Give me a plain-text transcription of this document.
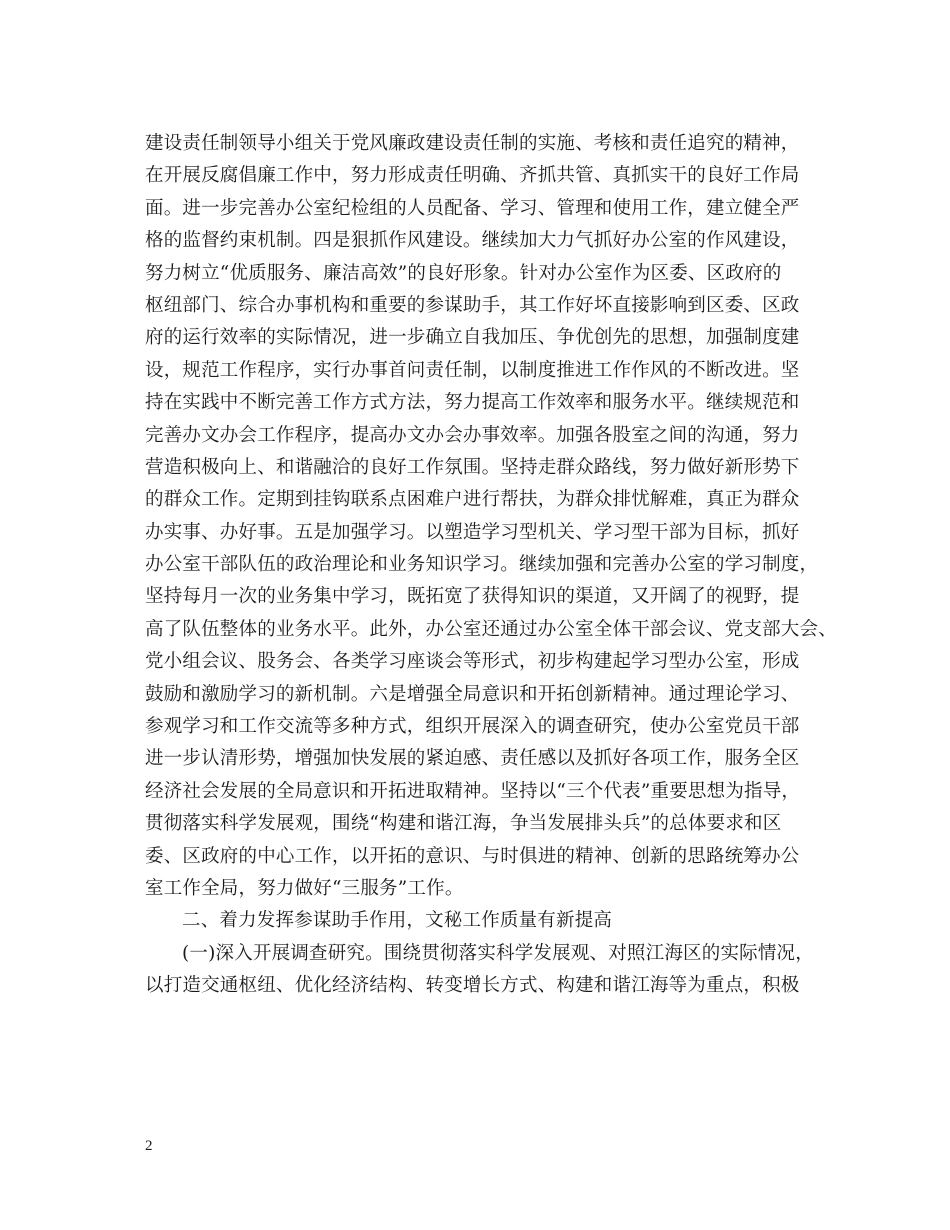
建设责任制领导小组关于党风廉政建设责任制的实施、考核和责任追究的精神，
在开展反腐倡廉工作中，努力形成责任明确、齐抓共管、真抓实干的良好工作局
面。进一步完善办公室纪检组的人员配备、学习、管理和使用工作，建立健全严
格的监督约束机制。四是狠抓作风建设。继续加大力气抓好办公室的作风建设，
努力树立“优质服务、廉洁高效”的良好形象。针对办公室作为区委、区政府的
枢纽部门、综合办事机构和重要的参谋助手，其工作好坏直接影响到区委、区政
府的运行效率的实际情况，进一步确立自我加压、争优创先的思想，加强制度建
设，规范工作程序，实行办事首问责任制，以制度推进工作作风的不断改进。坚
持在实践中不断完善工作方式方法，努力提高工作效率和服务水平。继续规范和
完善办文办会工作程序，提高办文办会办事效率。加强各股室之间的沟通，努力
营造积极向上、和谐融洽的良好工作氛围。坚持走群众路线，努力做好新形势下
的群众工作。定期到挂钩联系点困难户进行帮扶，为群众排忧解难，真正为群众
办实事、办好事。五是加强学习。以塑造学习型机关、学习型干部为目标，抓好
办公室干部队伍的政治理论和业务知识学习。继续加强和完善办公室的学习制度，
坚持每月一次的业务集中学习，既拓宽了获得知识的渠道，又开阔了的视野，提
高了队伍整体的业务水平。此外，办公室还通过办公室全体干部会议、党支部大会、
党小组会议、股务会、各类学习座谈会等形式，初步构建起学习型办公室，形成
鼓励和激励学习的新机制。六是增强全局意识和开拓创新精神。通过理论学习、
参观学习和工作交流等多种方式，组织开展深入的调查研究，使办公室党员干部
进一步认清形势，增强加快发展的紧迫感、责任感以及抓好各项工作，服务全区
经济社会发展的全局意识和开拓进取精神。坚持以“三个代表”重要思想为指导，
贯彻落实科学发展观，围绕“构建和谐江海，争当发展排头兵”的总体要求和区
委、区政府的中心工作，以开拓的意识、与时俱进的精神、创新的思路统筹办公
室工作全局，努力做好“三服务”工作。
二、着力发挥参谋助手作用，文秘工作质量有新提高
(一)深入开展调查研究。围绕贯彻落实科学发展观、对照江海区的实际情况，
以打造交通枢纽、优化经济结构、转变增长方式、构建和谐江海等为重点，积极
2
